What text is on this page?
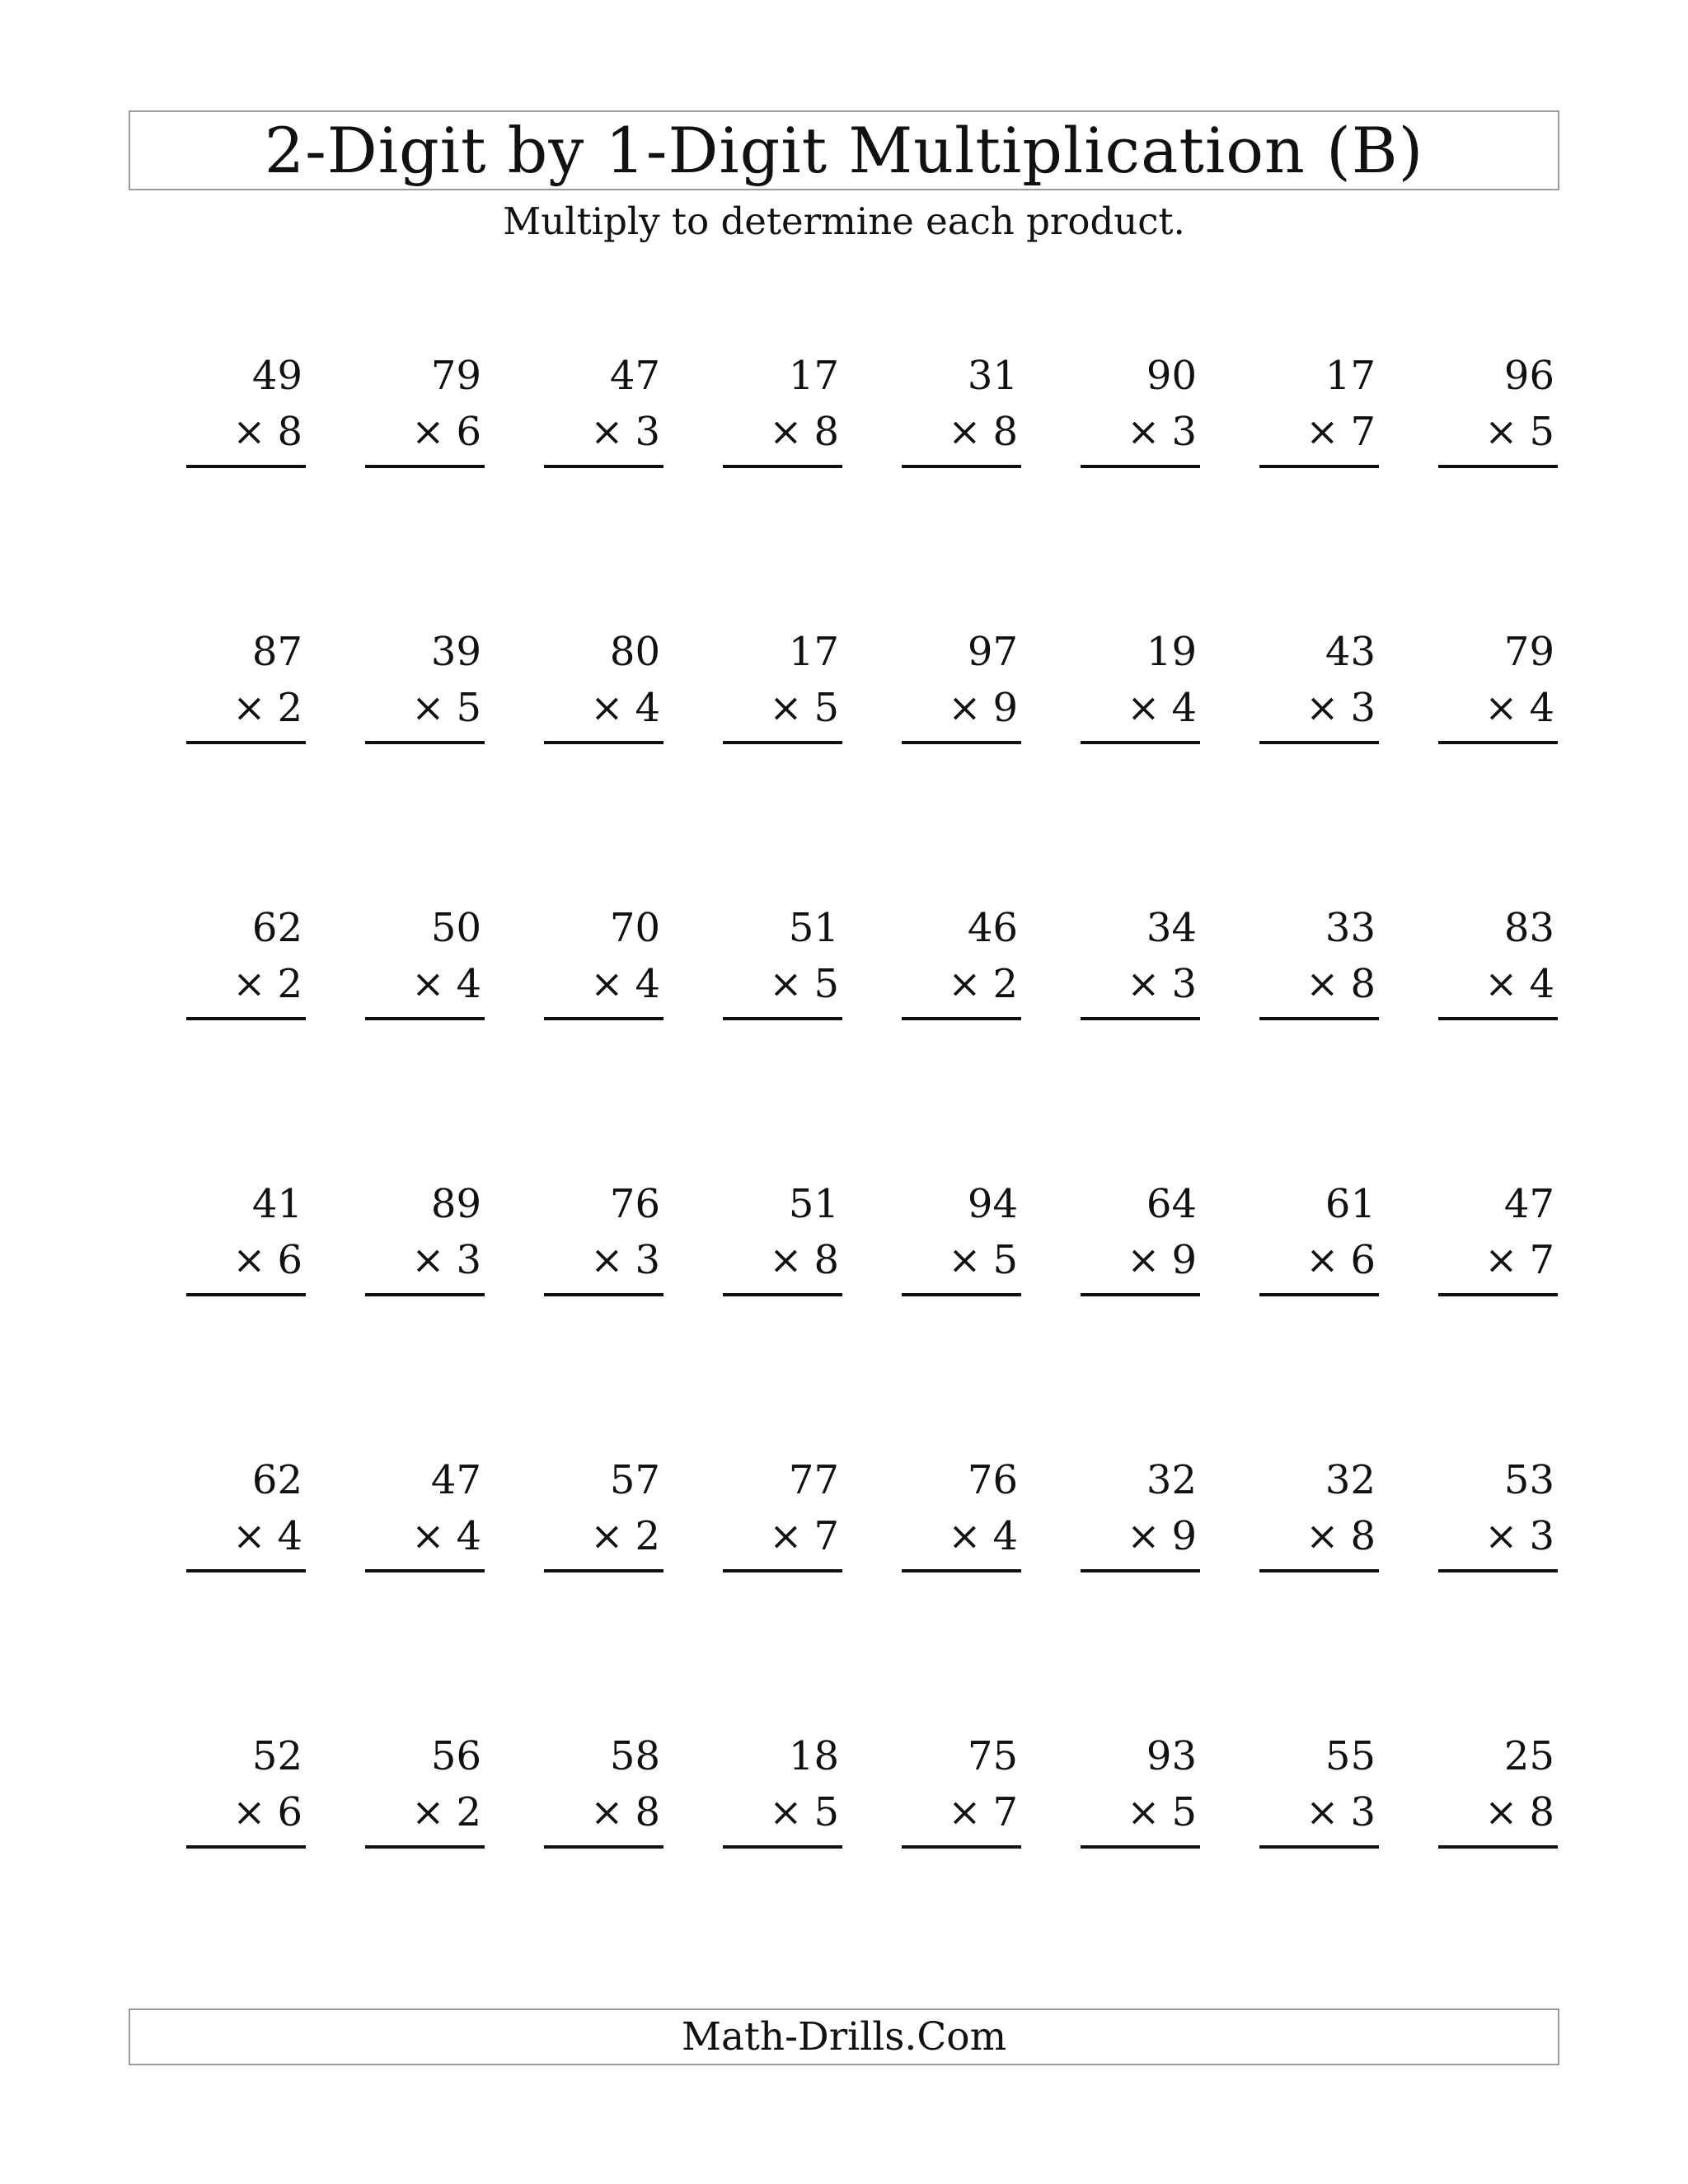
2-Digit by 1-Digit Multiplication (B)
Multiply to determine each product.
49
× 8
79
× 6
47
× 3
17
× 8
31
× 8
90
× 3
17
× 7
96
× 5
87
× 2
39
× 5
80
× 4
17
× 5
97
× 9
19
× 4
43
× 3
79
× 4
62
× 2
50
× 4
70
× 4
51
× 5
46
× 2
34
× 3
33
× 8
83
× 4
41
× 6
89
× 3
76
× 3
51
× 8
94
× 5
64
× 9
61
× 6
47
× 7
62
× 4
47
× 4
57
× 2
77
× 7
76
× 4
32
× 9
32
× 8
53
× 3
52
× 6
56
× 2
58
× 8
18
× 5
75
× 7
93
× 5
55
× 3
25
× 8
Math-Drills.Com
